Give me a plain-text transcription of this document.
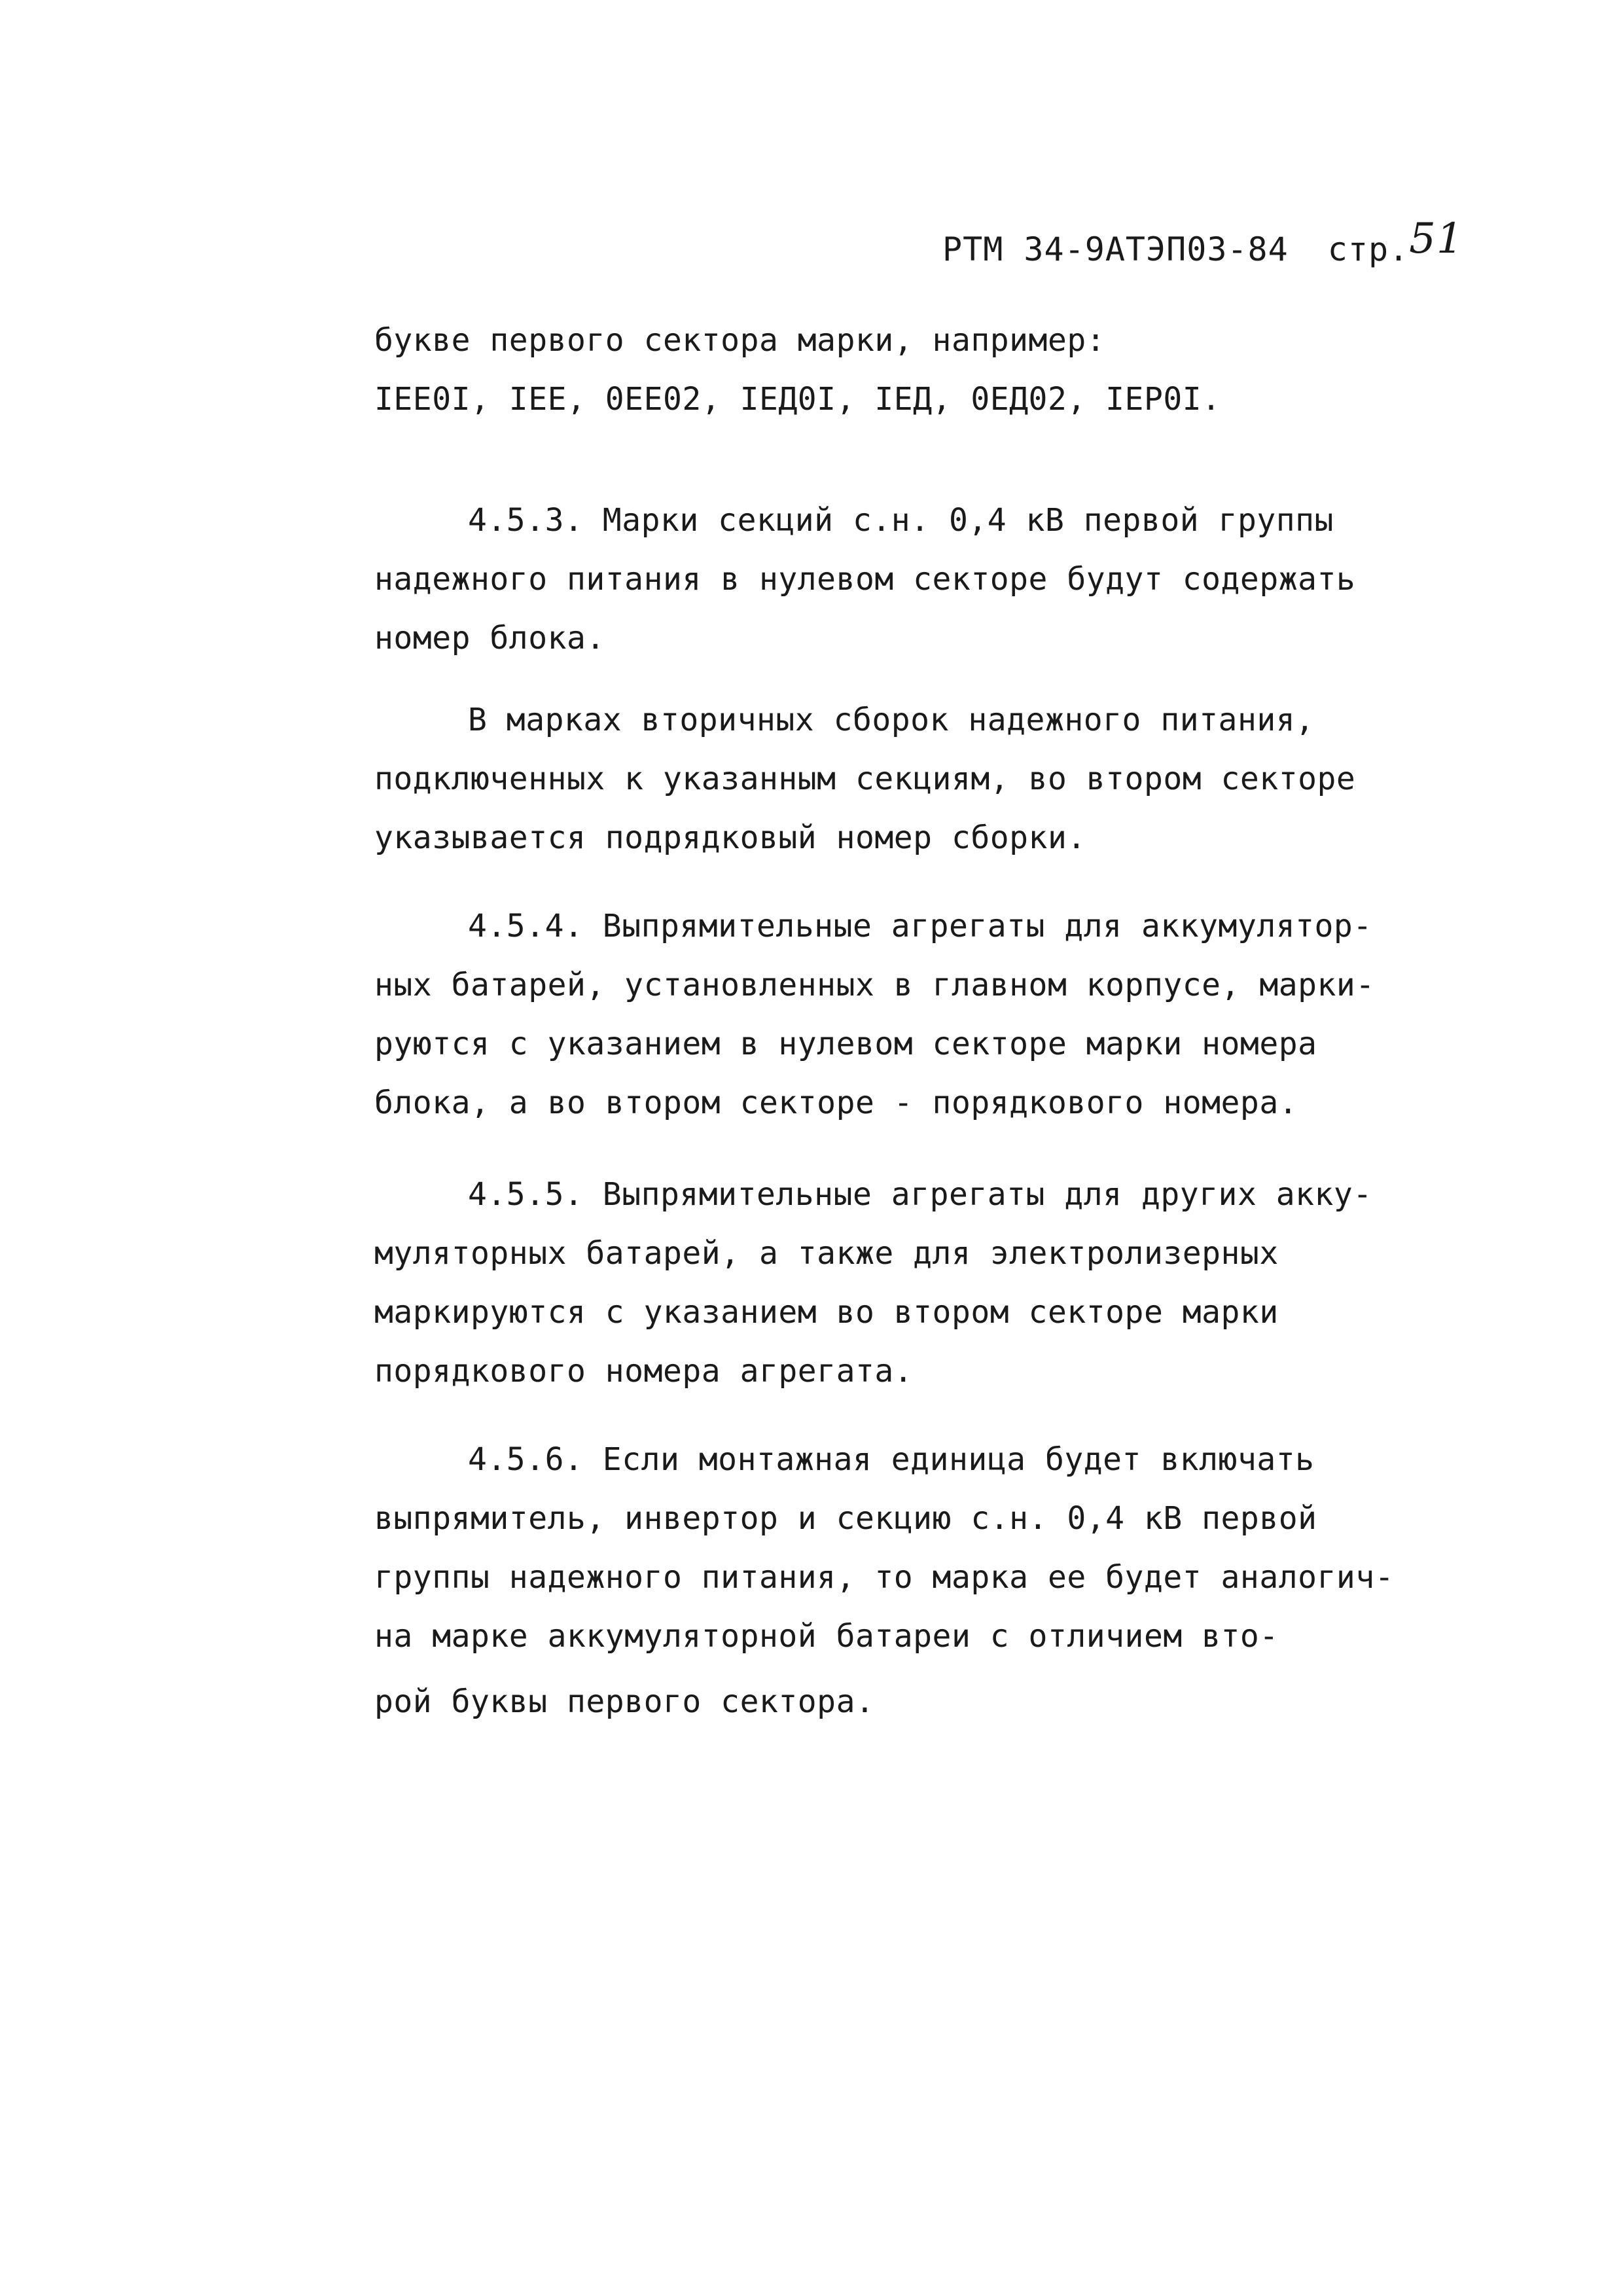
РТМ 34-9АТЭП03-84 стр.51
букве первого сектора марки, например:
IEE0I, IEE, 0EE02, IEД0I, IEД, 0EД02, IEP0I.
4.5.3. Марки секций с.н. 0,4 кВ первой группы
надежного питания в нулевом секторе будут содержать
номер блока.
В марках вторичных сборок надежного питания,
подключенных к указанным секциям, во втором секторе
указывается подрядковый номер сборки.
4.5.4. Выпрямительные агрегаты для аккумулятор-
ных батарей, установленных в главном корпусе, марки-
руются с указанием в нулевом секторе марки номера
блока, а во втором секторе - порядкового номера.
4.5.5. Выпрямительные агрегаты для других акку-
муляторных батарей, а также для электролизерных
маркируются с указанием во втором секторе марки
порядкового номера агрегата.
4.5.6. Если монтажная единица будет включать
выпрямитель, инвертор и секцию с.н. 0,4 кВ первой
группы надежного питания, то марка ее будет аналогич-
на марке аккумуляторной батареи с отличием вто-
рой буквы первого сектора.
